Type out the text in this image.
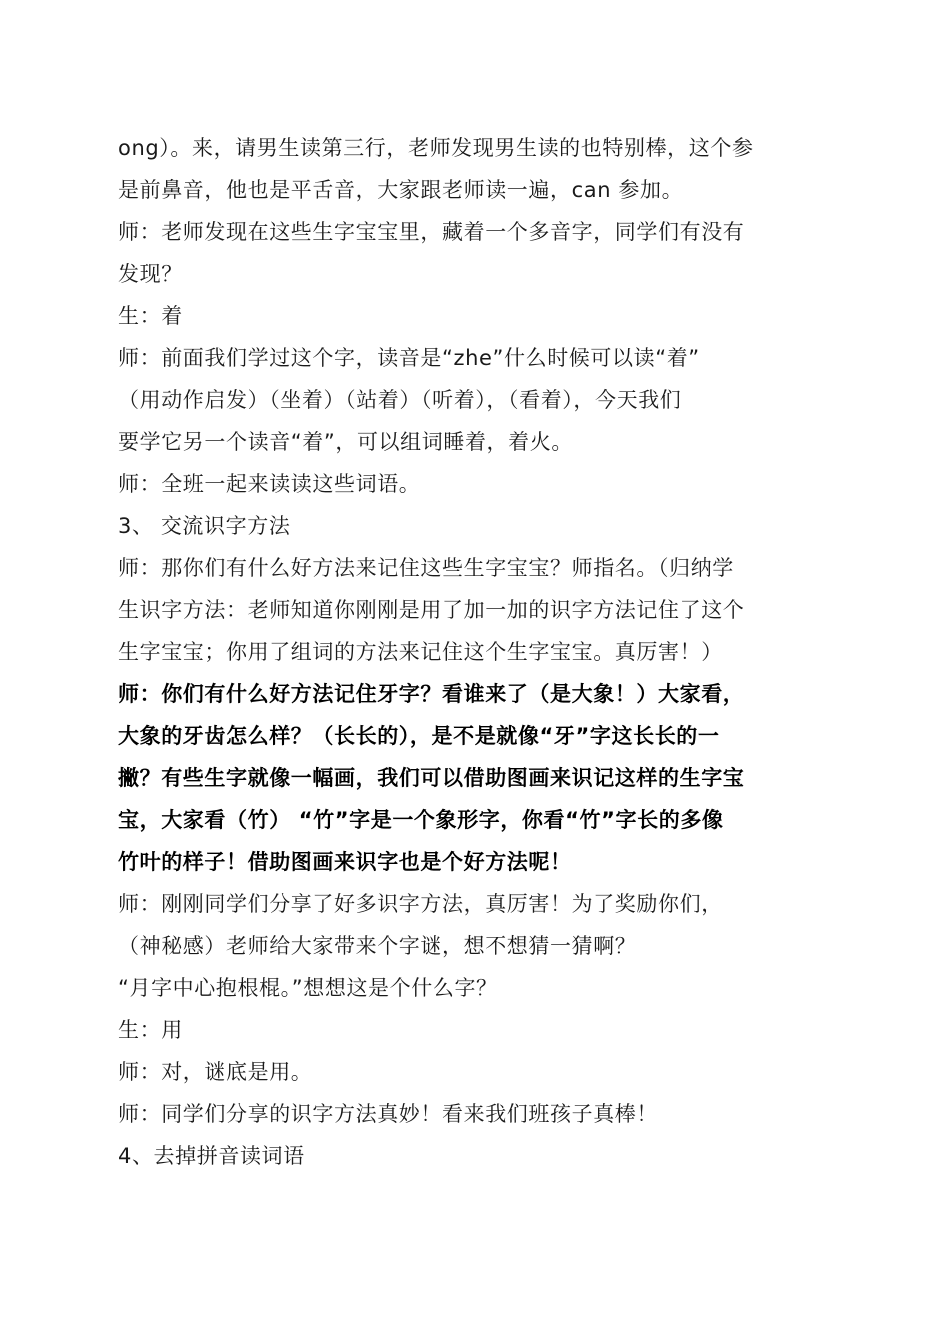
ong）。来，请男生读第三行，老师发现男生读的也特别棒，这个参
是前鼻音，他也是平舌音，大家跟老师读一遍，can 参加。
师：老师发现在这些生字宝宝里，藏着一个多音字，同学们有没有
发现？
生：着
师：前面我们学过这个字，读音是“zhe”什么时候可以读“着”
（用动作启发）（坐着）（站着）（听着），（看着），今天我们
要学它另一个读音“着”，可以组词睡着，着火。
师：全班一起来读读这些词语。
3、 交流识字方法
师：那你们有什么好方法来记住这些生字宝宝？师指名。（归纳学
生识字方法：老师知道你刚刚是用了加一加的识字方法记住了这个
生字宝宝；你用了组词的方法来记住这个生字宝宝。真厉害！）
师：你们有什么好方法记住牙字？看谁来了（是大象！）大家看，
大象的牙齿怎么样？（长长的），是不是就像“牙”字这长长的一
撇？有些生字就像一幅画，我们可以借助图画来识记这样的生字宝
宝，大家看（竹） “竹”字是一个象形字，你看“竹”字长的多像
竹叶的样子！借助图画来识字也是个好方法呢！
师：刚刚同学们分享了好多识字方法，真厉害！为了奖励你们，
（神秘感）老师给大家带来个字谜，想不想猜一猜啊？
“月字中心抱根棍。”想想这是个什么字？
生：用
师：对，谜底是用。
师：同学们分享的识字方法真妙！看来我们班孩子真棒！
4、去掉拼音读词语
